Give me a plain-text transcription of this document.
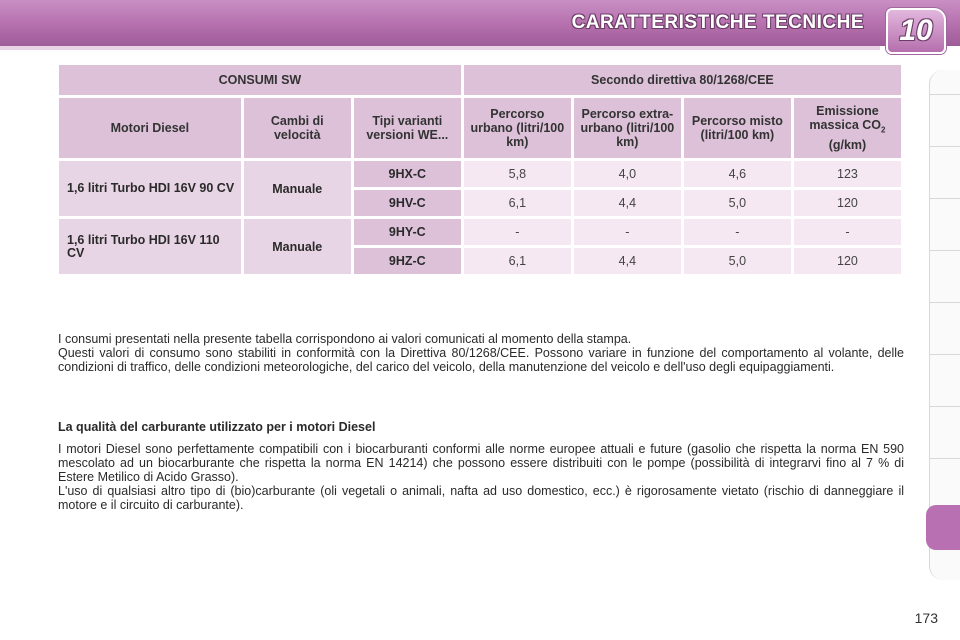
CARATTERISTICHE TECNICHE 10
CONSUMI SW			Secondo direttiva 80/1268/CEE			
Motori Diesel	Cambi di velocità	Tipi varianti versioni WE...	Percorso urbano (litri/100 km)	Percorso extra-urbano (litri/100 km)	Percorso misto (litri/100 km)	Emissione massica $CO_2$
(g/km)
1,6 litri Turbo HDI 16V 90 CV	Manuale	9HX-C	5,8	4,0	4,6	123
		9HV-C	6,1	4,4	5,0	120
1,6 litri Turbo HDI 16V 110 CV	Manuale	9HY-C	-	-	-	-
		9HZ-C	6,1	4,4	5,0	120

I consumi presentati nella presente tabella corrispondono ai valori comunicati al momento della stampa.

Questi valori di consumo sono stabiliti in conformità con la Direttiva 80/1268/CEE. Possono variare in funzione del comportamento al volante, delle condizioni di traffico, delle condizioni meteorologiche, del carico del veicolo, della manutenzione del veicolo e dell'uso degli equipaggiamenti.

La qualità del carburante utilizzato per i motori Diesel

I motori Diesel sono perfettamente compatibili con i biocarburanti conformi alle norme europee attuali e future (gasolio che rispetta la norma EN 590 mescolato ad un biocarburante che rispetta la norma EN 14214) che possono essere distribuiti con le pompe (possibilità di integrarvi fino al 7 % di Estere Metilico di Acido Grasso).

L'uso di qualsiasi altro tipo di (bio)carburante (oli vegetali o animali, nafta ad uso domestico, ecc.) è rigorosamente vietato (rischio di danneggiare il motore e il circuito di carburante).

173
